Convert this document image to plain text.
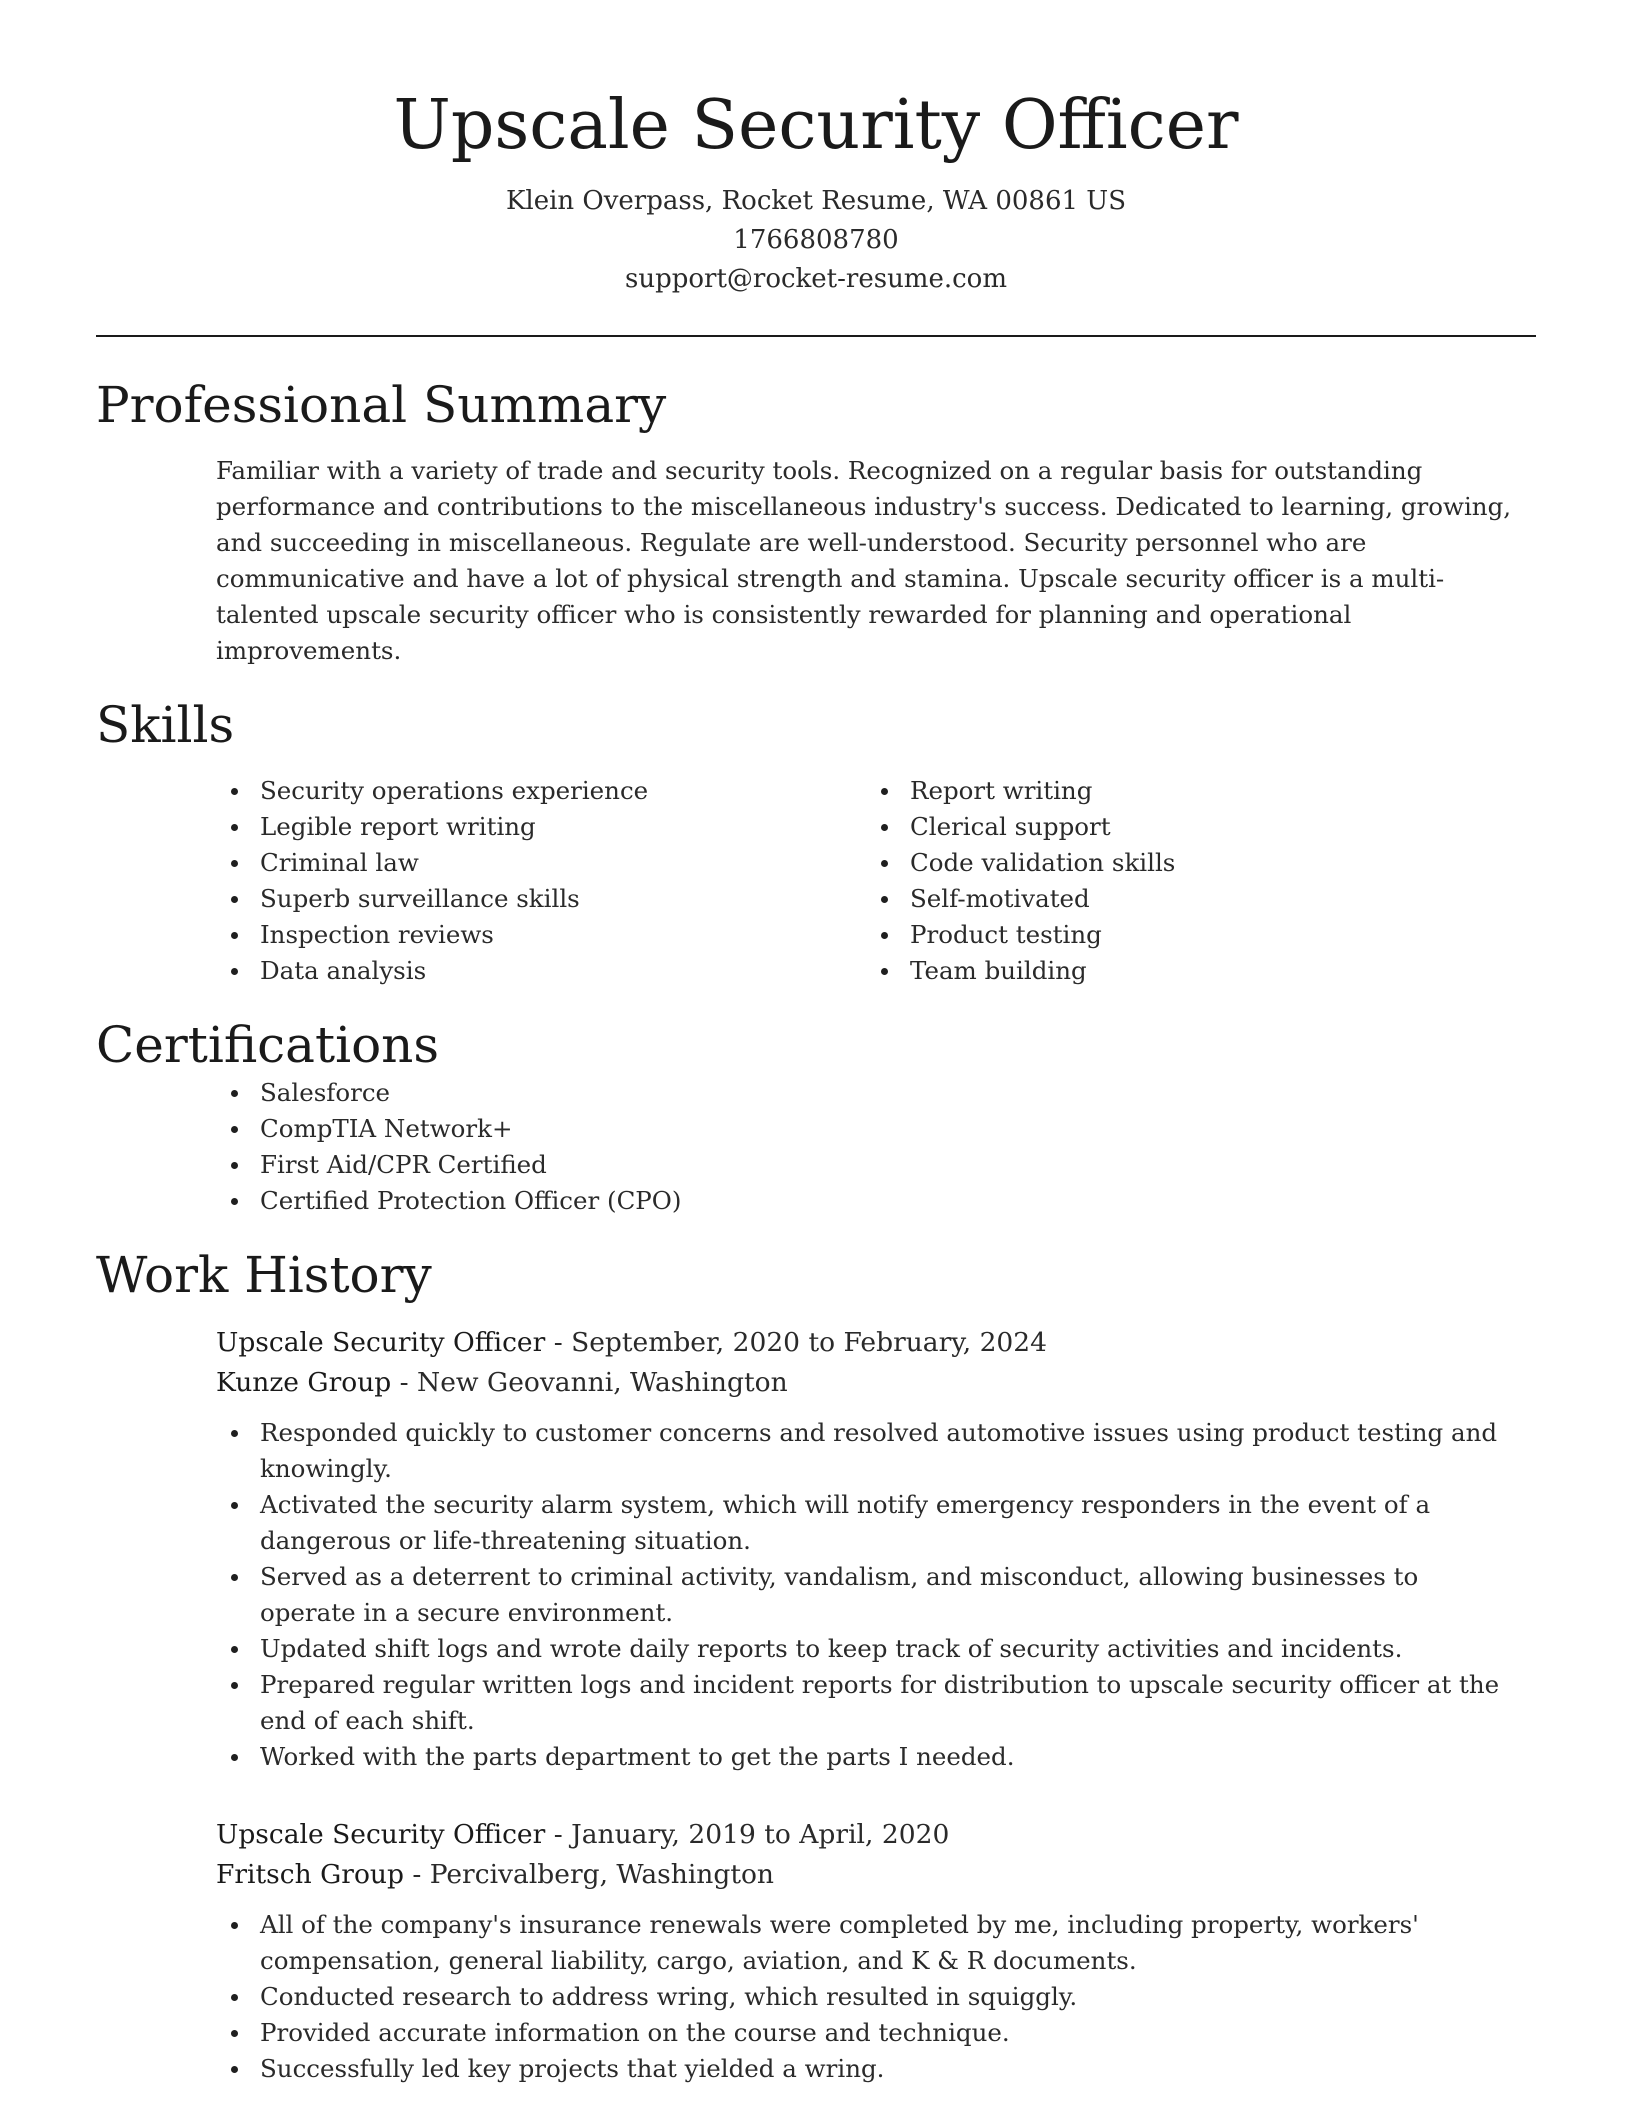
Upscale Security Officer
Klein Overpass, Rocket Resume, WA 00861 US
1766808780
support@rocket-resume.com
Professional Summary

Familiar with a variety of trade and security tools. Recognized on a regular basis for outstanding performance and contributions to the miscellaneous industry's success. Dedicated to learning, growing, and succeeding in miscellaneous. Regulate are well-understood. Security personnel who are communicative and have a lot of physical strength and stamina. Upscale security officer is a multi-talented upscale security officer who is consistently rewarded for planning and operational improvements.

Skills
Security operations experience
Legible report writing
Criminal law
Superb surveillance skills
Inspection reviews
Data analysis
Report writing
Clerical support
Code validation skills
Self-motivated
Product testing
Team building
Certifications
Salesforce
CompTIA Network+
First Aid/CPR Certified
Certified Protection Officer (CPO)
Work History
Upscale Security Officer - September, 2020 to February, 2024
Kunze Group - New Geovanni, Washington
Responded quickly to customer concerns and resolved automotive issues using product testing and knowingly.
Activated the security alarm system, which will notify emergency responders in the event of a dangerous or life-threatening situation.
Served as a deterrent to criminal activity, vandalism, and misconduct, allowing businesses to operate in a secure environment.
Updated shift logs and wrote daily reports to keep track of security activities and incidents.
Prepared regular written logs and incident reports for distribution to upscale security officer at the end of each shift.
Worked with the parts department to get the parts I needed.
Upscale Security Officer - January, 2019 to April, 2020
Fritsch Group - Percivalberg, Washington
All of the company's insurance renewals were completed by me, including property, workers' compensation, general liability, cargo, aviation, and K & R documents.
Conducted research to address wring, which resulted in squiggly.
Provided accurate information on the course and technique.
Successfully led key projects that yielded a wring.
